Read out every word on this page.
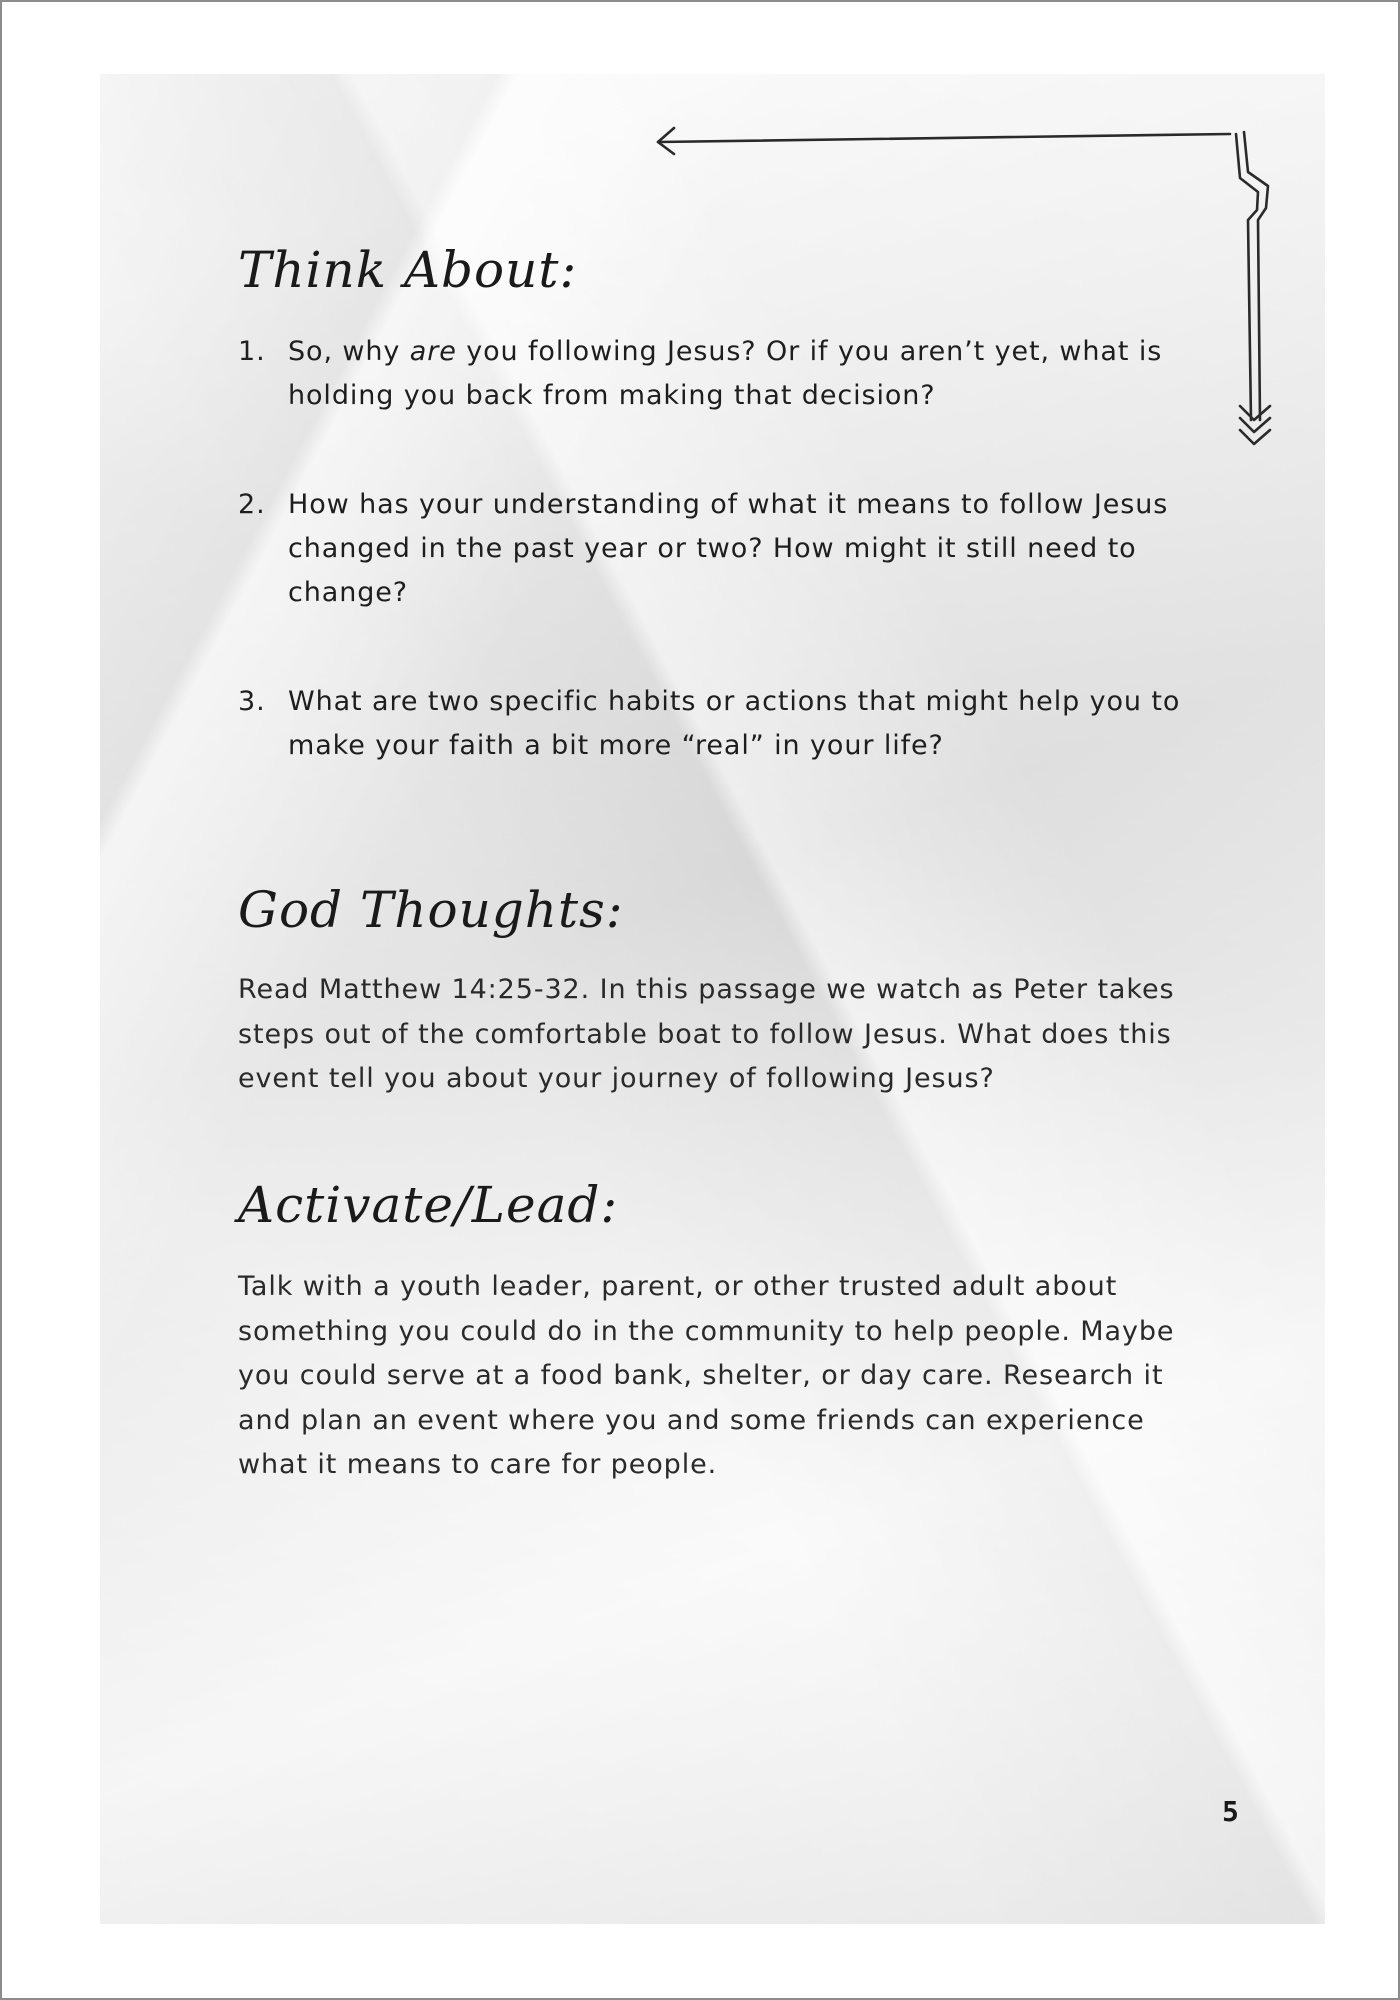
Think About:
1. So, why are you following Jesus? Or if you aren’t yet, what is holding you back from making that decision?
2. How has your understanding of what it means to follow Jesus changed in the past year or two? How might it still need to change?
3. What are two specific habits or actions that might help you to make your faith a bit more “real” in your life?
God Thoughts:

Read Matthew 14:25-32. In this passage we watch as Peter takes steps out of the comfortable boat to follow Jesus. What does this event tell you about your journey of following Jesus?

Activate/Lead:

Talk with a youth leader, parent, or other trusted adult about something you could do in the community to help people. Maybe you could serve at a food bank, shelter, or day care. Research it and plan an event where you and some friends can experience what it means to care for people.

5
